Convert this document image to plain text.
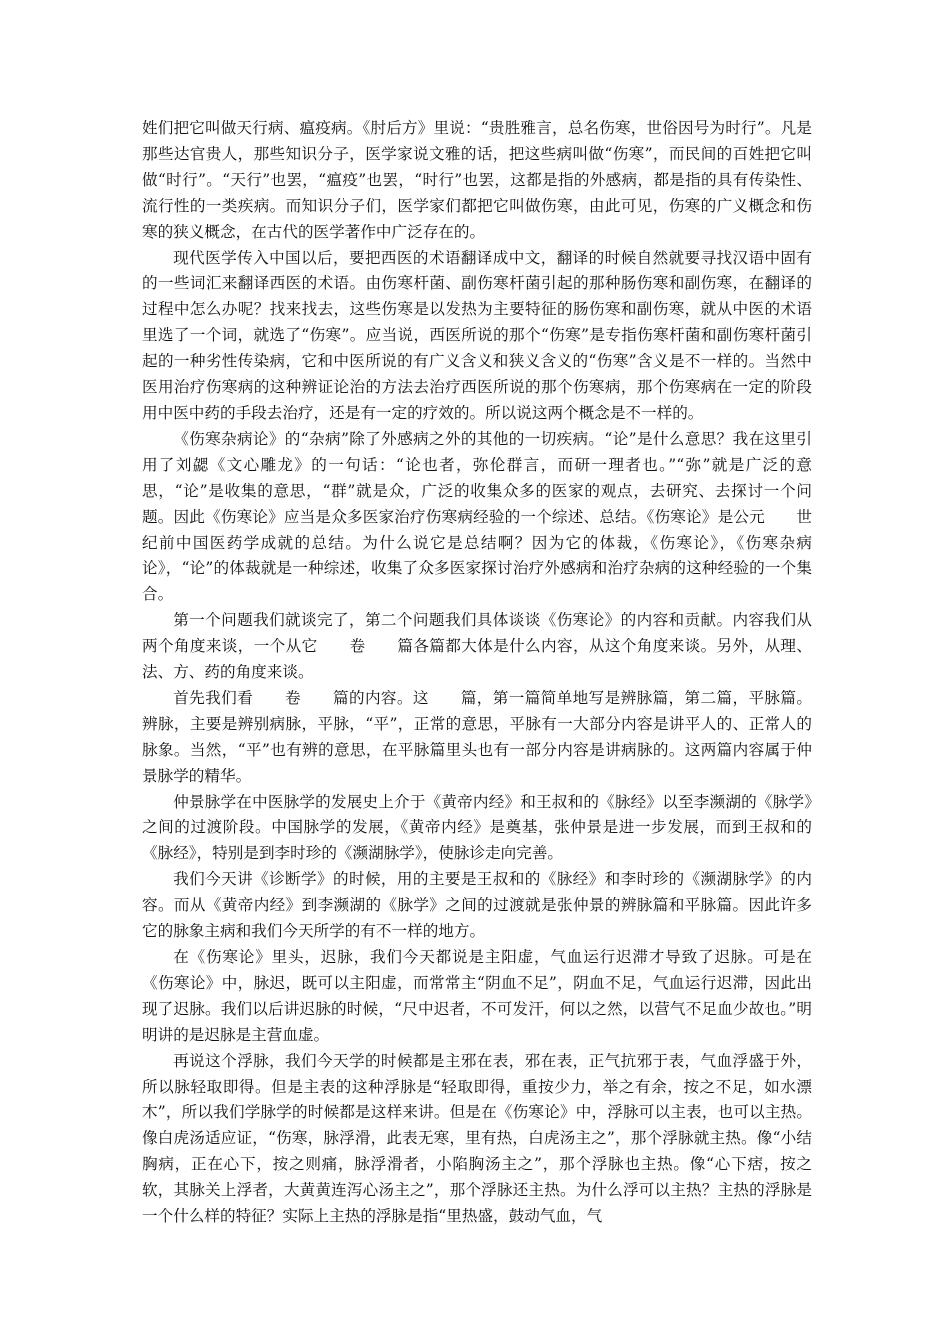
姓们把它叫做天行病、瘟疫病。《肘后方》里说：“贵胜雅言，总名伤寒，世俗因号为时行”。凡是那些达官贵人，那些知识分子，医学家说文雅的话，把这些病叫做“伤寒”，而民间的百姓把它叫做“时行”。“天行”也罢，“瘟疫”也罢，“时行”也罢，这都是指的外感病，都是指的具有传染性、流行性的一类疾病。而知识分子们，医学家们都把它叫做伤寒，由此可见，伤寒的广义概念和伤寒的狭义概念，在古代的医学著作中广泛存在的。

现代医学传入中国以后，要把西医的术语翻译成中文，翻译的时候自然就要寻找汉语中固有的一些词汇来翻译西医的术语。由伤寒杆菌、副伤寒杆菌引起的那种肠伤寒和副伤寒，在翻译的过程中怎么办呢？找来找去，这些伤寒是以发热为主要特征的肠伤寒和副伤寒，就从中医的术语里选了一个词，就选了“伤寒”。应当说，西医所说的那个“伤寒”是专指伤寒杆菌和副伤寒杆菌引起的一种劣性传染病，它和中医所说的有广义含义和狭义含义的“伤寒”含义是不一样的。当然中医用治疗伤寒病的这种辨证论治的方法去治疗西医所说的那个伤寒病，那个伤寒病在一定的阶段用中医中药的手段去治疗，还是有一定的疗效的。所以说这两个概念是不一样的。

《伤寒杂病论》的“杂病”除了外感病之外的其他的一切疾病。“论”是什么意思？我在这里引用了刘勰《文心雕龙》的一句话：“论也者，弥伦群言，而研一理者也。”“弥”就是广泛的意思，“论”是收集的意思，“群”就是众，广泛的收集众多的医家的观点，去研究、去探讨一个问题。因此《伤寒论》应当是众多医家治疗伤寒病经验的一个综述、总结。《伤寒论》是公元　　世纪前中国医药学成就的总结。为什么说它是总结啊？因为它的体裁，《伤寒论》，《伤寒杂病论》，“论”的体裁就是一种综述，收集了众多医家探讨治疗外感病和治疗杂病的这种经验的一个集合。

第一个问题我们就谈完了，第二个问题我们具体谈谈《伤寒论》的内容和贡献。内容我们从两个角度来谈，一个从它　　卷　　篇各篇都大体是什么内容，从这个角度来谈。另外，从理、法、方、药的角度来谈。

首先我们看　　卷　　篇的内容。这　　篇，第一篇简单地写是辨脉篇，第二篇，平脉篇。辨脉，主要是辨别病脉，平脉，“平”，正常的意思，平脉有一大部分内容是讲平人的、正常人的脉象。当然，“平”也有辨的意思，在平脉篇里头也有一部分内容是讲病脉的。这两篇内容属于仲景脉学的精华。

仲景脉学在中医脉学的发展史上介于《黄帝内经》和王叔和的《脉经》以至李濒湖的《脉学》之间的过渡阶段。中国脉学的发展，《黄帝内经》是奠基，张仲景是进一步发展，而到王叔和的《脉经》，特别是到李时珍的《濒湖脉学》，使脉诊走向完善。

我们今天讲《诊断学》的时候，用的主要是王叔和的《脉经》和李时珍的《濒湖脉学》的内容。而从《黄帝内经》到李濒湖的《脉学》之间的过渡就是张仲景的辨脉篇和平脉篇。因此许多它的脉象主病和我们今天所学的有不一样的地方。

在《伤寒论》里头，迟脉，我们今天都说是主阳虚，气血运行迟滞才导致了迟脉。可是在《伤寒论》中，脉迟，既可以主阳虚，而常常主“阴血不足”，阴血不足，气血运行迟滞，因此出现了迟脉。我们以后讲迟脉的时候，“尺中迟者，不可发汗，何以之然，以营气不足血少故也。”明明讲的是迟脉是主营血虚。

再说这个浮脉，我们今天学的时候都是主邪在表，邪在表，正气抗邪于表，气血浮盛于外，所以脉轻取即得。但是主表的这种浮脉是“轻取即得，重按少力，举之有余，按之不足，如水漂木”，所以我们学脉学的时候都是这样来讲。但是在《伤寒论》中，浮脉可以主表，也可以主热。像白虎汤适应证，“伤寒，脉浮滑，此表无寒，里有热，白虎汤主之”，那个浮脉就主热。像“小结胸病，正在心下，按之则痛，脉浮滑者，小陷胸汤主之”，那个浮脉也主热。像“心下痞，按之软，其脉关上浮者，大黄黄连泻心汤主之”，那个浮脉还主热。为什么浮可以主热？主热的浮脉是一个什么样的特征？实际上主热的浮脉是指“里热盛，鼓动气血，气
